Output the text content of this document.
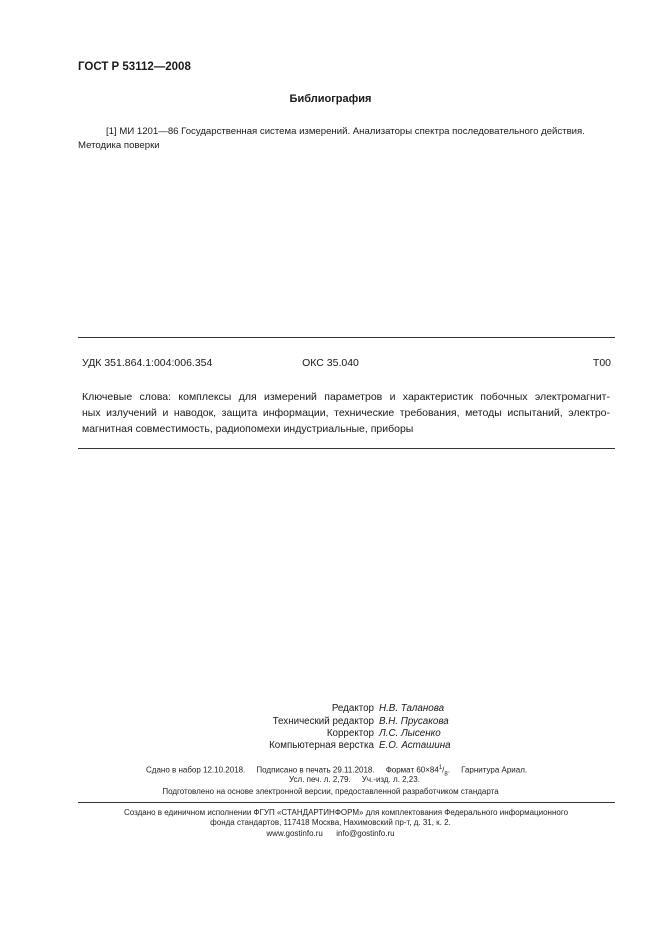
ГОСТ Р 53112—2008
Библиография
[1] МИ 1201—86 Государственная система измерений. Анализаторы спектра последовательного действия. Методика поверки
УДК 351.864.1:004:006.354	ОКС 35.040	Т00
Ключевые слова: комплексы для измерений параметров и характеристик побочных электромагнит-
ных излучений и наводок, защита информации, технические требования, методы испытаний, электро-
магнитная совместимость, радиопомехи индустриальные, приборы
Редактор Н.В. Таланова
Технический редактор В.Н. Прусакова
Корректор Л.С. Лысенко
Компьютерная верстка Е.О. Асташина
Сдано в набор 12.10.2018.     Подписано в печать 29.11.2018.     Формат $60\times 84^1/_8$.     Гарнитура Ариал.
Усл. печ. л. 2,79.     Уч.-изд. л. 2,23.
Подготовлено на основе электронной версии, предоставленной разработчиком стандарта
Создано в единичном исполнении ФГУП «СТАНДАРТИНФОРМ» для комплектования Федерального информационного
фонда стандартов, 117418 Москва, Нахимовский пр-т, д. 31, к. 2.
www.gostinfo.ru info@gostinfo.ru
